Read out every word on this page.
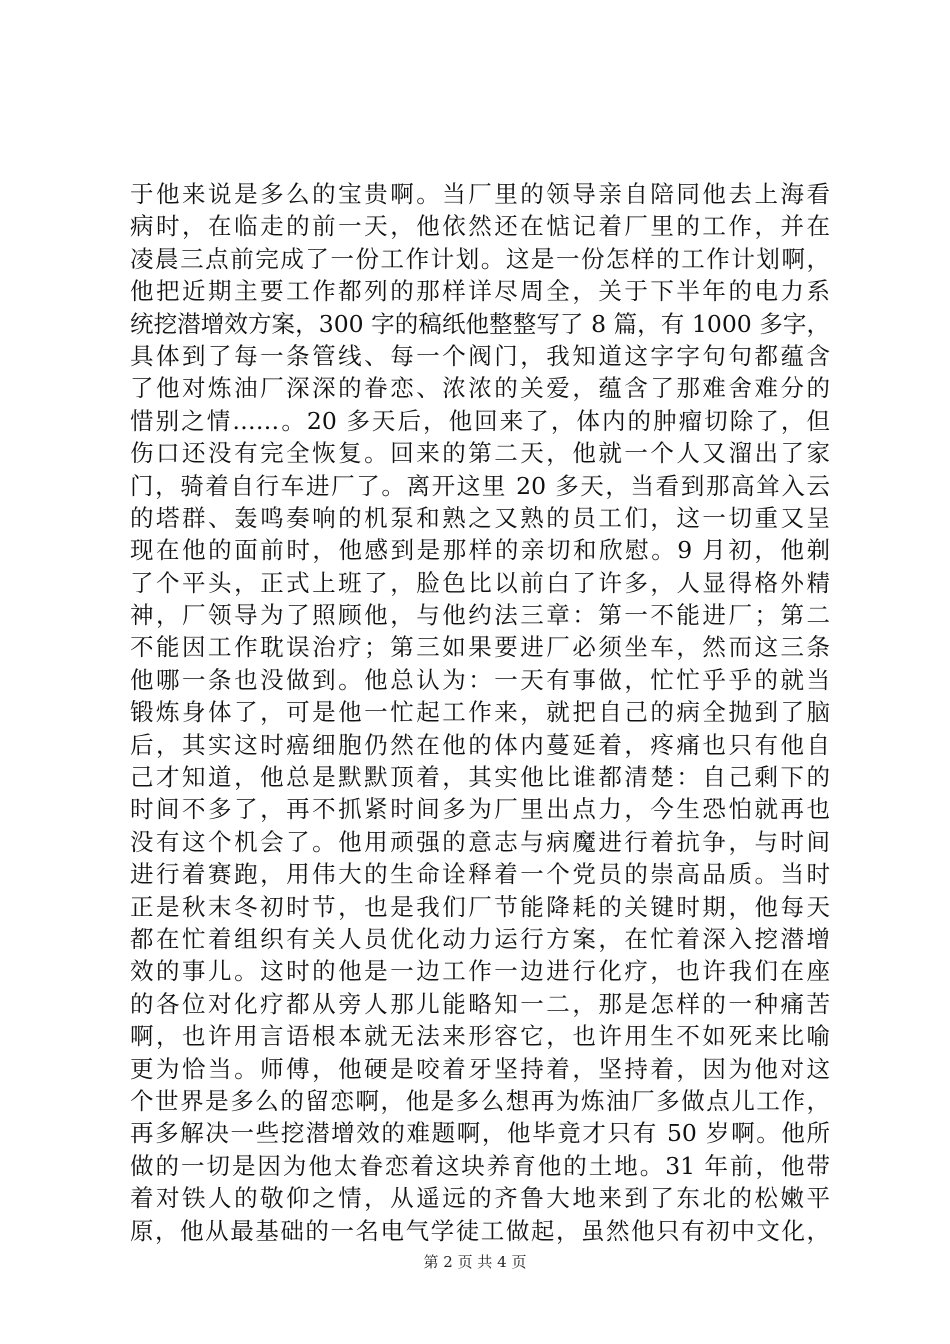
于他来说是多么的宝贵啊。当厂里的领导亲自陪同他去上海看
病时，在临走的前一天，他依然还在惦记着厂里的工作，并在
凌晨三点前完成了一份工作计划。这是一份怎样的工作计划啊，
他把近期主要工作都列的那样详尽周全，关于下半年的电力系
统挖潜增效方案，300 字的稿纸他整整写了 8 篇，有 1000 多字，
具体到了每一条管线、每一个阀门，我知道这字字句句都蕴含
了他对炼油厂深深的眷恋、浓浓的关爱，蕴含了那难舍难分的
惜别之情……。20 多天后，他回来了，体内的肿瘤切除了，但
伤口还没有完全恢复。回来的第二天，他就一个人又溜出了家
门，骑着自行车进厂了。离开这里 20 多天，当看到那高耸入云
的塔群、轰鸣奏响的机泵和熟之又熟的员工们，这一切重又呈
现在他的面前时，他感到是那样的亲切和欣慰。9 月初，他剃
了个平头，正式上班了，脸色比以前白了许多，人显得格外精
神，厂领导为了照顾他，与他约法三章：第一不能进厂；第二
不能因工作耽误治疗；第三如果要进厂必须坐车，然而这三条
他哪一条也没做到。他总认为：一天有事做，忙忙乎乎的就当
锻炼身体了，可是他一忙起工作来，就把自己的病全抛到了脑
后，其实这时癌细胞仍然在他的体内蔓延着，疼痛也只有他自
己才知道，他总是默默顶着，其实他比谁都清楚：自己剩下的
时间不多了，再不抓紧时间多为厂里出点力，今生恐怕就再也
没有这个机会了。他用顽强的意志与病魔进行着抗争，与时间
进行着赛跑，用伟大的生命诠释着一个党员的崇高品质。当时
正是秋末冬初时节，也是我们厂节能降耗的关键时期，他每天
都在忙着组织有关人员优化动力运行方案，在忙着深入挖潜增
效的事儿。这时的他是一边工作一边进行化疗，也许我们在座
的各位对化疗都从旁人那儿能略知一二，那是怎样的一种痛苦
啊，也许用言语根本就无法来形容它，也许用生不如死来比喻
更为恰当。师傅，他硬是咬着牙坚持着，坚持着，因为他对这
个世界是多么的留恋啊，他是多么想再为炼油厂多做点儿工作，
再多解决一些挖潜增效的难题啊，他毕竟才只有 50 岁啊。他所
做的一切是因为他太眷恋着这块养育他的土地。31 年前，他带
着对铁人的敬仰之情，从遥远的齐鲁大地来到了东北的松嫩平
原，他从最基础的一名电气学徒工做起，虽然他只有初中文化，
第 2 页 共 4 页
